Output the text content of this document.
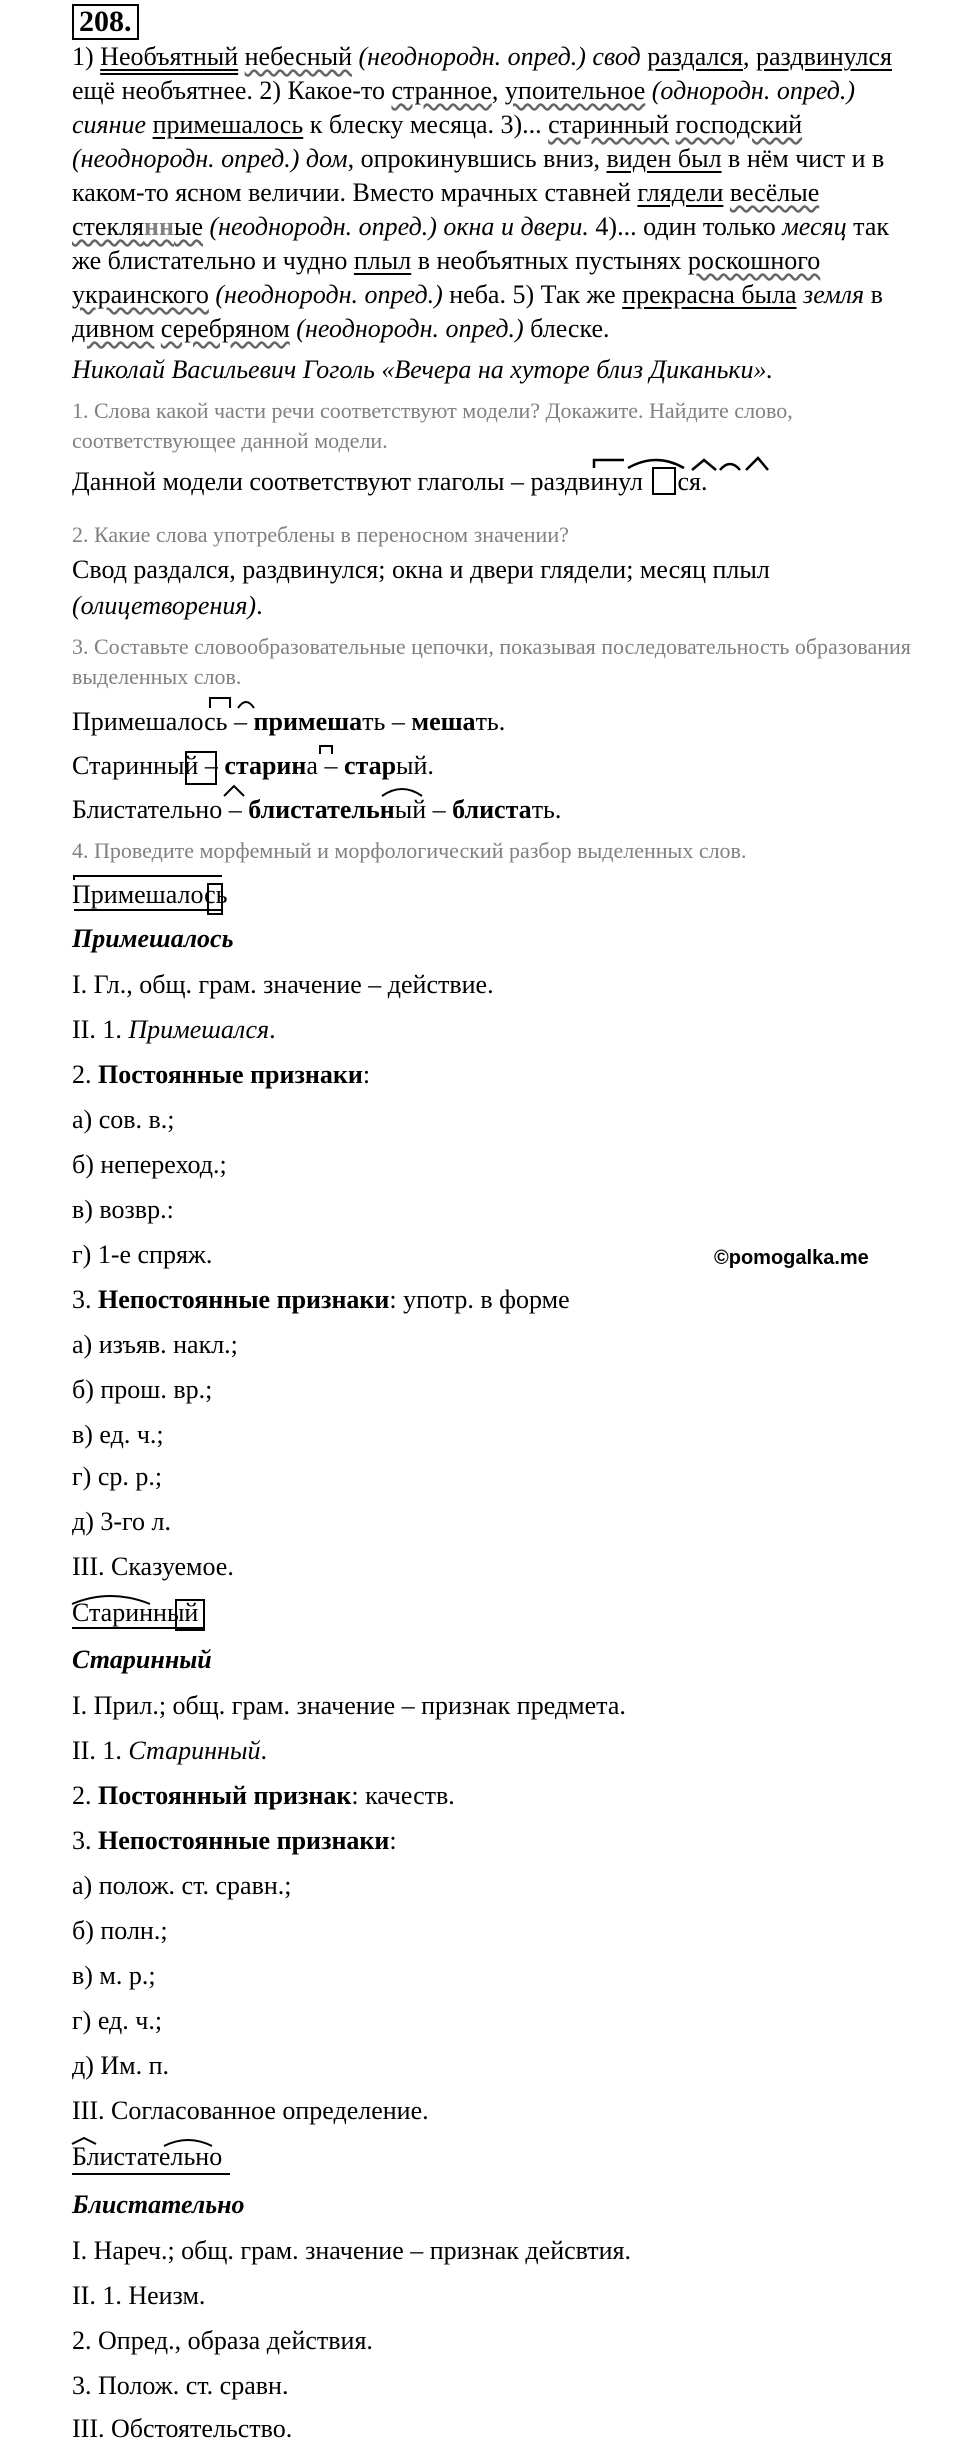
208.
1) Необъятный небесный (неоднородн. опред.) свод раздался, раздвинулся ещё необъятнее. 2) Какое-то странное, упоительное (однородн. опред.) сияние примешалось к блеску месяца. 3)... старинный господский (неоднородн. опред.) дом, опрокинувшись вниз, виден был в нём чист и в каком-то ясном величии. Вместо мрачных ставней глядели весёлые стеклянные (неоднородн. опред.) окна и двери. 4)... один только месяц так же блистательно и чудно плыл в необъятных пустынях роскошного украинского (неоднородн. опред.) неба. 5) Так же прекрасна была земля в дивном серебряном (неоднородн. опред.) блеске.
Николай Васильевич Гоголь «Вечера на хуторе близ Диканьки».
1. Слова какой части речи соответствуют модели? Докажите. Найдите слово, соответствующее данной модели.
Данной модели соответствуют глаголы – раздвинул ся.
2. Какие слова употреблены в переносном значении?
Свод раздался, раздвинулся; окна и двери глядели; месяц плыл (олицетворения).
3. Составьте словообразовательные цепочки, показывая последовательность образования выделенных слов.
Примешалось – примешать – мешать.
Старинный – старина – старый.
Блистательно – блистательный – блистать.
4. Проведите морфемный и морфологический разбор выделенных слов.
Примешалось
Примешалось
I. Гл., общ. грам. значение – действие.
II. 1. Примешался.
2. Постоянные признаки:
а) сов. в.;
б) непереход.;
в) возвр.:
г) 1-е спряж.	©pomogalka.me
3. Непостоянные признаки: употр. в форме
а) изъяв. накл.;
б) прош. вр.;
в) ед. ч.;
г) ср. р.;
д) 3-го л.
III. Сказуемое.
Старинный
Старинный
I. Прил.; общ. грам. значение – признак предмета.
II. 1. Старинный.
2. Постоянный признак: качеств.
3. Непостоянные признаки:
а) полож. ст. сравн.;
б) полн.;
в) м. р.;
г) ед. ч.;
д) Им. п.
III. Согласованное определение.
Блистательно
Блистательно
I. Нареч.; общ. грам. значение – признак дейсвтия.
II. 1. Неизм.
2. Опред., образа действия.
3. Полож. ст. сравн.
III. Обстоятельство.
